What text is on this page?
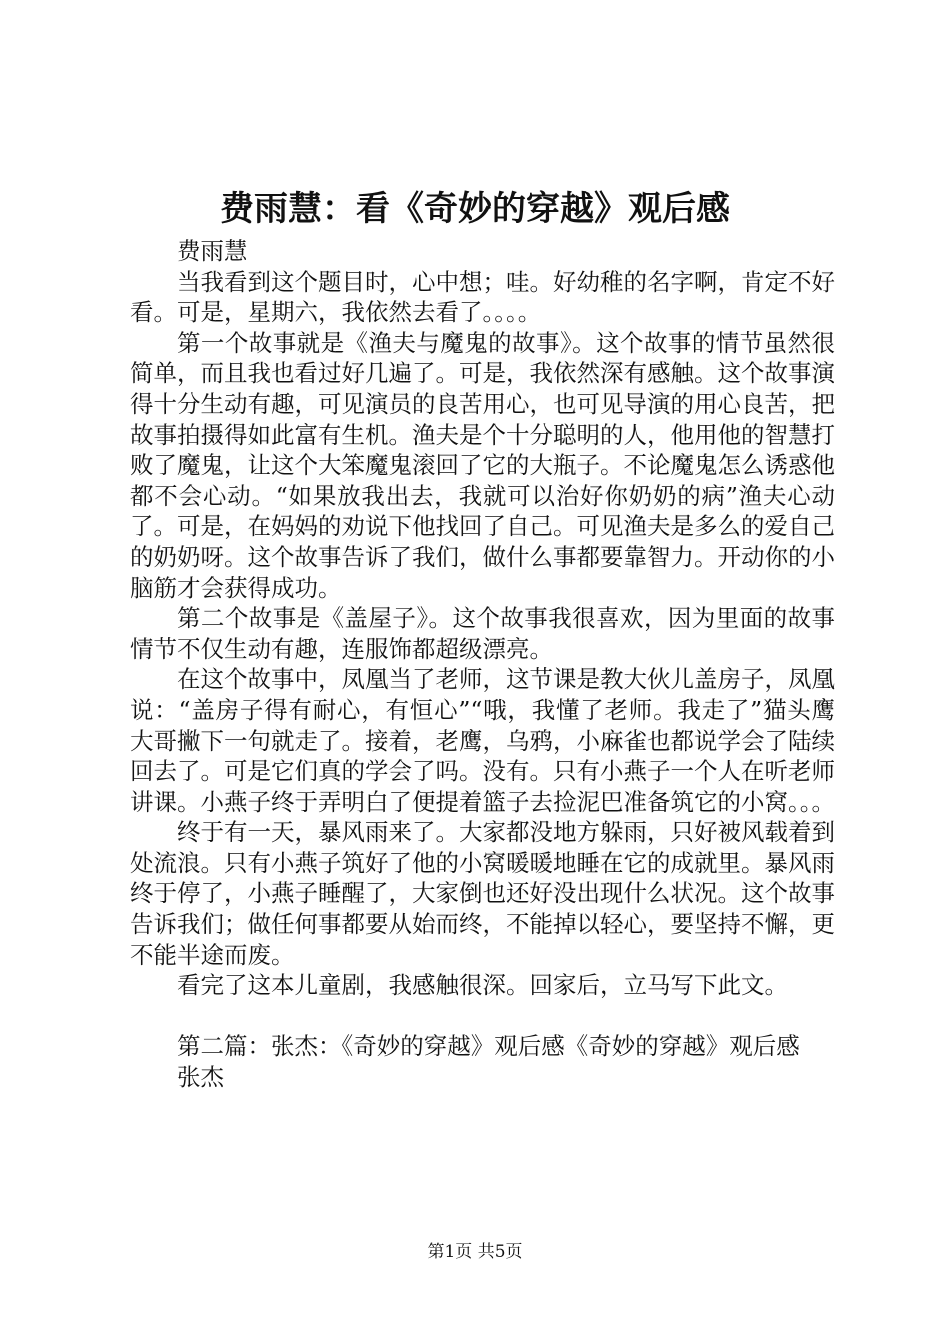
费雨慧：看《奇妙的穿越》观后感

费雨慧

当我看到这个题目时，心中想；哇。好幼稚的名字啊，肯定不好看。可是，星期六，我依然去看了。。。。

第一个故事就是《渔夫与魔鬼的故事》。这个故事的情节虽然很简单，而且我也看过好几遍了。可是，我依然深有感触。这个故事演得十分生动有趣，可见演员的良苦用心，也可见导演的用心良苦，把故事拍摄得如此富有生机。渔夫是个十分聪明的人，他用他的智慧打败了魔鬼，让这个大笨魔鬼滚回了它的大瓶子。不论魔鬼怎么诱惑他都不会心动。“如果放我出去，我就可以治好你奶奶的病”渔夫心动了。可是，在妈妈的劝说下他找回了自己。可见渔夫是多么的爱自己的奶奶呀。这个故事告诉了我们，做什么事都要靠智力。开动你的小脑筋才会获得成功。

第二个故事是《盖屋子》。这个故事我很喜欢，因为里面的故事情节不仅生动有趣，连服饰都超级漂亮。

在这个故事中，凤凰当了老师，这节课是教大伙儿盖房子，凤凰说：“盖房子得有耐心，有恒心”“哦，我懂了老师。我走了”猫头鹰大哥撇下一句就走了。接着，老鹰，乌鸦，小麻雀也都说学会了陆续回去了。可是它们真的学会了吗。没有。只有小燕子一个人在听老师讲课。小燕子终于弄明白了便提着篮子去捡泥巴准备筑它的小窝。。。

终于有一天，暴风雨来了。大家都没地方躲雨，只好被风载着到处流浪。只有小燕子筑好了他的小窝暖暖地睡在它的成就里。暴风雨终于停了，小燕子睡醒了，大家倒也还好没出现什么状况。这个故事告诉我们；做任何事都要从始而终，不能掉以轻心，要坚持不懈，更不能半途而废。

看完了这本儿童剧，我感触很深。回家后，立马写下此文。

第二篇：张杰：《奇妙的穿越》观后感《奇妙的穿越》观后感

张杰

第1页 共5页
